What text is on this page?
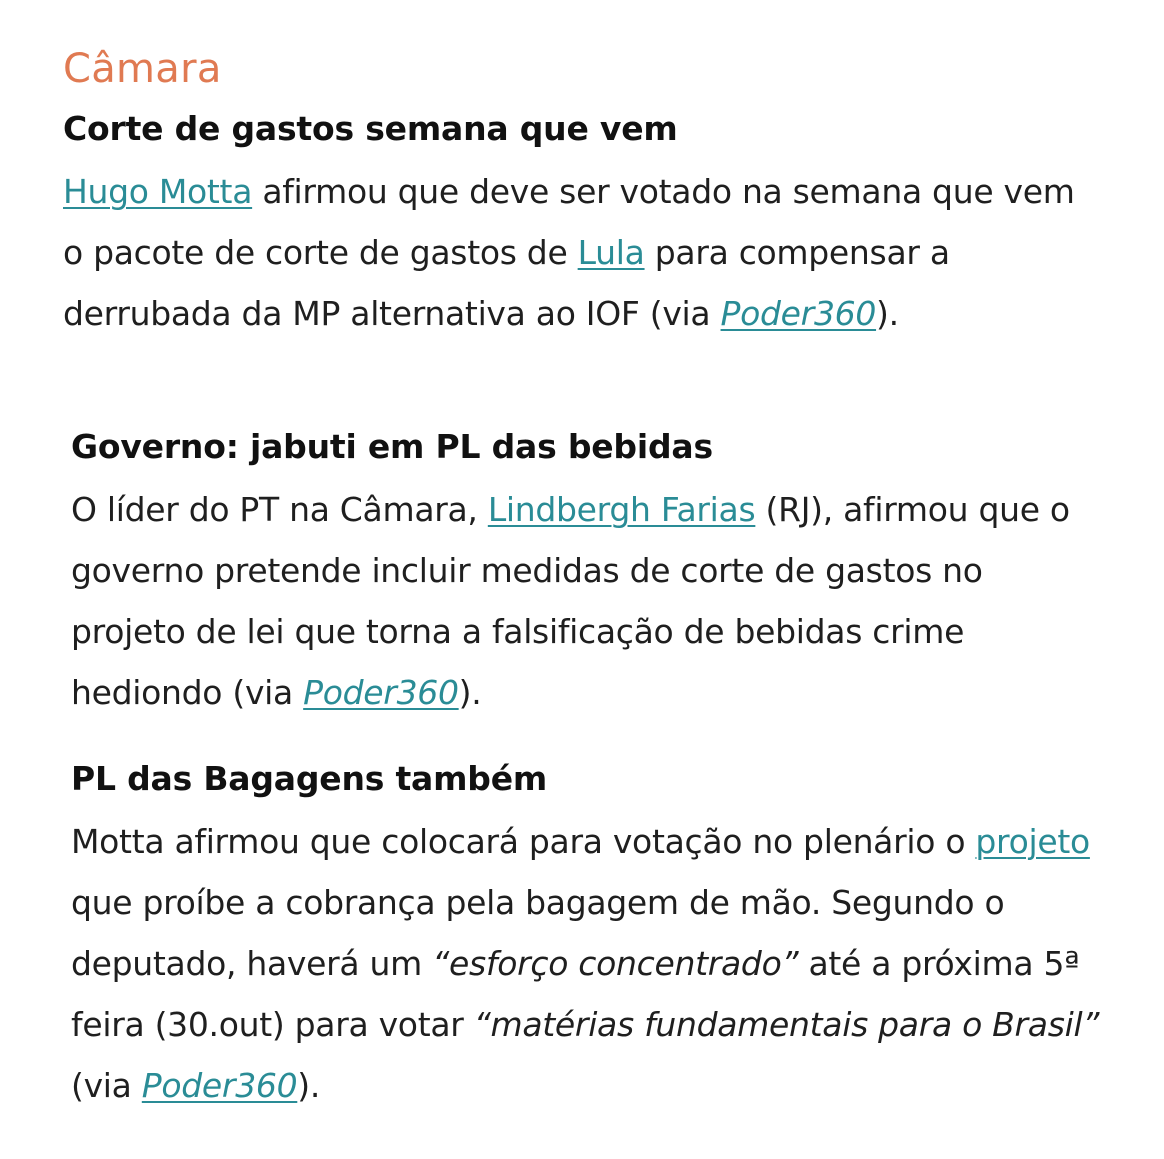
Câmara
Corte de gastos semana que vem

Hugo Motta afirmou que deve ser votado na semana que vem o pacote de corte de gastos de Lula para compensar a derrubada da MP alternativa ao IOF (via Poder360).

Governo: jabuti em PL das bebidas

O líder do PT na Câmara, Lindbergh Farias (RJ), afirmou que o governo pretende incluir medidas de corte de gastos no projeto de lei que torna a falsificação de bebidas crime hediondo (via Poder360).

PL das Bagagens também

Motta afirmou que colocará para votação no plenário o projeto que proíbe a cobrança pela bagagem de mão. Segundo o deputado, haverá um “esforço concentrado” até a próxima 5ª feira (30.out) para votar “matérias fundamentais para o Brasil” (via Poder360).
